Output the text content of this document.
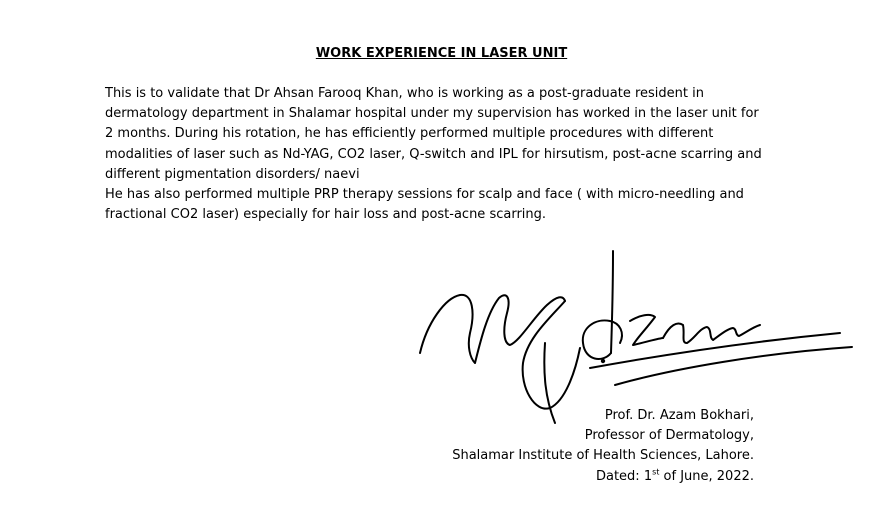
WORK EXPERIENCE IN LASER UNIT
This is to validate that Dr Ahsan Farooq Khan, who is working as a post-graduate resident in
dermatology department in Shalamar hospital under my supervision has worked in the laser unit for
2 months. During his rotation, he has efficiently performed multiple procedures with different
modalities of laser such as Nd-YAG, CO2 laser, Q-switch and IPL for hirsutism, post-acne scarring and
different pigmentation disorders/ naevi
He has also performed multiple PRP therapy sessions for scalp and face ( with micro-needling and
fractional CO2 laser) especially for hair loss and post-acne scarring.
Prof. Dr. Azam Bokhari,
Professor of Dermatology,
Shalamar Institute of Health Sciences, Lahore.
Dated: 1st of June, 2022.
